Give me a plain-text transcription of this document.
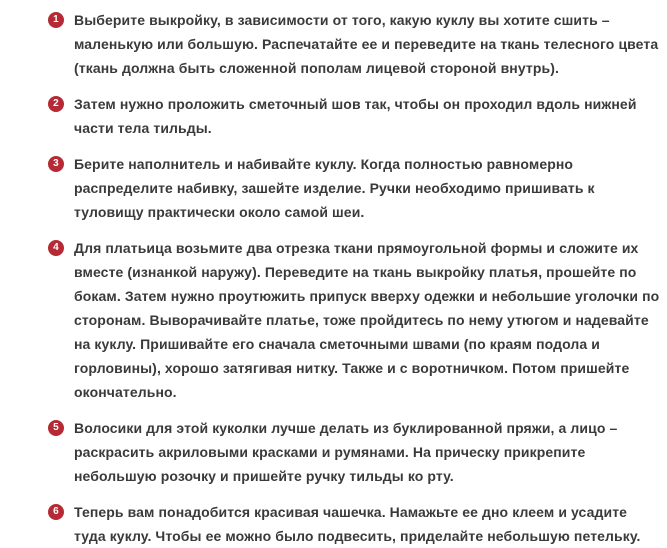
1	Выберите выкройку, в зависимости от того, какую куклу вы хотите сшить –
маленькую или большую. Распечатайте ее и переведите на ткань телесного цвета
(ткань должна быть сложенной пополам лицевой стороной внутрь).
2	Затем нужно проложить сметочный шов так, чтобы он проходил вдоль нижней
части тела тильды.
3	Берите наполнитель и набивайте куклу. Когда полностью равномерно
распределите набивку, зашейте изделие. Ручки необходимо пришивать к
туловищу практически около самой шеи.
4	Для платьица возьмите два отрезка ткани прямоугольной формы и сложите их
вместе (изнанкой наружу). Переведите на ткань выкройку платья, прошейте по
бокам. Затем нужно проутюжить припуск вверху одежки и небольшие уголочки по
сторонам. Выворачивайте платье, тоже пройдитесь по нему утюгом и надевайте
на куклу. Пришивайте его сначала сметочными швами (по краям подола и
горловины), хорошо затягивая нитку. Также и с воротничком. Потом пришейте
окончательно.
5	Волосики для этой куколки лучше делать из буклированной пряжи, а лицо –
раскрасить акриловыми красками и румянами. На прическу прикрепите
небольшую розочку и пришейте ручку тильды ко рту.
6	Теперь вам понадобится красивая чашечка. Намажьте ее дно клеем и усадите
туда куклу. Чтобы ее можно было подвесить, приделайте небольшую петельку.
